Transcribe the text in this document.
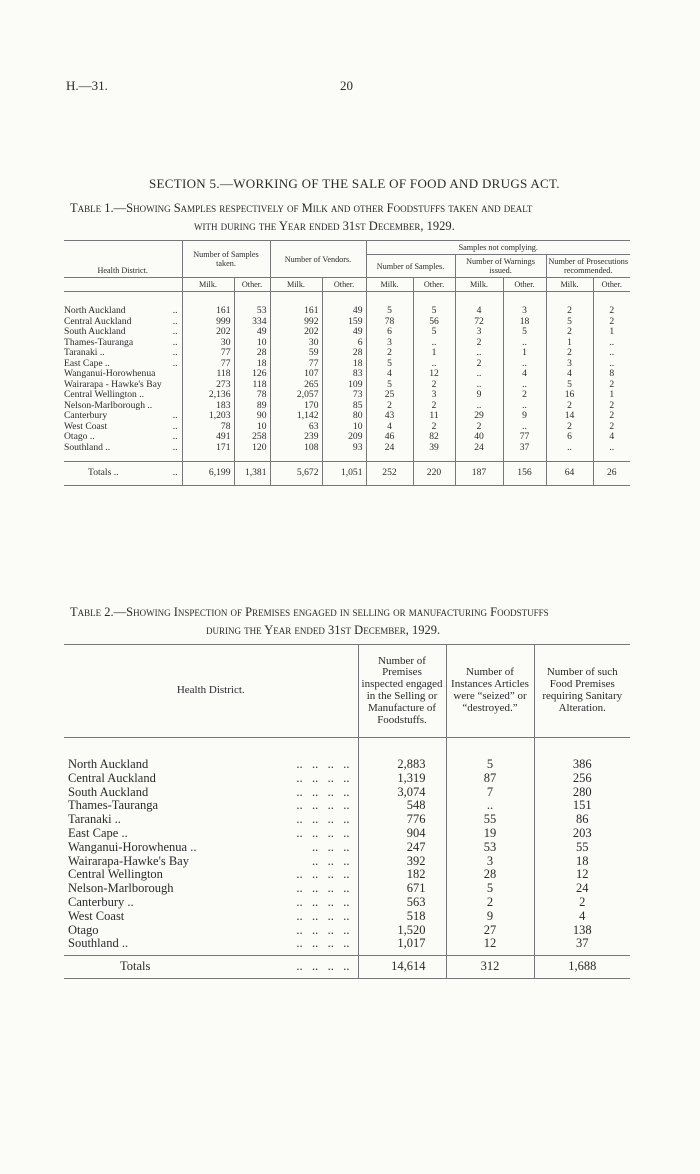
H.—31.	20
SECTION 5.—WORKING OF THE SALE OF FOOD AND DRUGS ACT.
Table 1.—Showing Samples respectively of Milk and other Foodstuffs taken and dealt
with during the Year ended 31st December, 1929.
Health District.	Number of Samples taken.		Number of Vendors.		Samples not complying.					
					Number of Samples.		Number of Warnings issued.		Number of Prosecutions recommended.	
	Milk.	Other.	Milk.	Other.	Milk.	Other.	Milk.	Other.	Milk.	Other.

North Auckland ..	161	53	161	49	5	5	4	3	2	2
Central Auckland ..	999	334	992	159	78	56	72	18	5	2
South Auckland ..	202	49	202	49	6	5	3	5	2	1
Thames-Tauranga ..	30	10	30	6	3	..	2	..	1	..
Taranaki .. ..	77	28	59	28	2	1	..	1	2	..
East Cape .. ..	77	18	77	18	5	..	2	..	3	..
Wanganui-Horowhenua	118	126	107	83	4	12	..	4	4	8
Wairarapa - Hawke's Bay	273	118	265	109	5	2	..	..	5	2
Central Wellington ..	2,136	78	2,057	73	25	3	9	2	16	1
Nelson-Marlborough ..	183	89	170	85	2	2	..	..	2	2
Canterbury ..	1,203	90	1,142	80	43	11	29	9	14	2
West Coast ..	78	10	63	10	4	2	2	..	2	2
Otago .. ..	491	258	239	209	46	82	40	77	6	4
Southland .. ..	171	120	108	93	24	39	24	37	..	..

Totals .. ..	6,199	1,381	5,672	1,051	252	220	187	156	64	26
Table 2.—Showing Inspection of Premises engaged in selling or manufacturing Foodstuffs
during the Year ended 31st December, 1929.
Health District.	Number of Premises inspected engaged in the Selling or Manufacture of Foodstuffs.	Number of Instances Articles were “seized” or “destroyed.”	Number of such Food Premises requiring Sanitary Alteration.

North Auckland ..   ..   ..   ..	2,883	5	386
Central Auckland ..   ..   ..   ..	1,319	87	256
South Auckland ..   ..   ..   ..	3,074	7	280
Thames-Tauranga ..   ..   ..   ..	548	..	151
Taranaki .. ..   ..   ..   ..	776	55	86
East Cape .. ..   ..   ..   ..	904	19	203
Wanganui-Horowhenua .. ..   ..   ..	247	53	55
Wairarapa-Hawke's Bay ..   ..   ..	392	3	18
Central Wellington ..   ..   ..   ..	182	28	12
Nelson-Marlborough ..   ..   ..   ..	671	5	24
Canterbury .. ..   ..   ..   ..	563	2	2
West Coast ..   ..   ..   ..	518	9	4
Otago ..   ..   ..   ..	1,520	27	138
Southland .. ..   ..   ..   ..	1,017	12	37

Totals ..   ..   ..   ..	14,614	312	1,688
